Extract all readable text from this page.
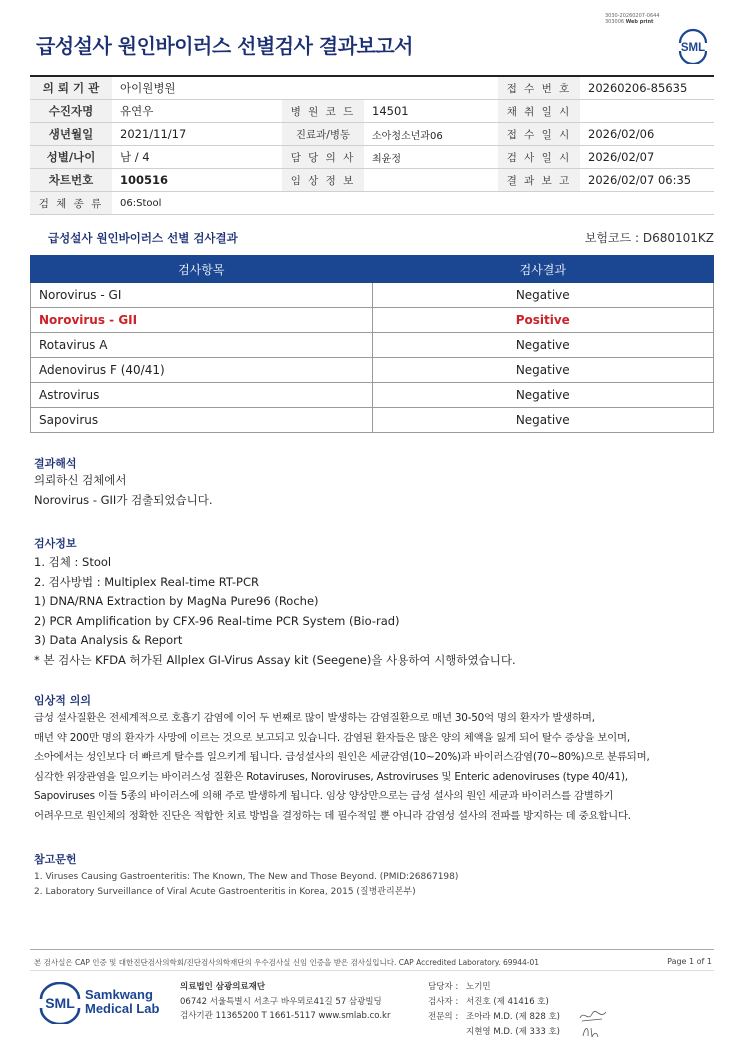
3030-20260207-0644
303006 Web print
급성설사 원인바이러스 선별검사 결과보고서	SML
의 뢰 기 관	아이원병원			접 수 번 호	20260206-85635
수진자명	유연우	병 원 코 드	14501	채 취 일 시	
생년월일	2021/11/17	진료과/병동	소아청소년과06	접 수 일 시	2026/02/06
성별/나이	남 / 4	담 당 의 사	최윤정	검 사 일 시	2026/02/07
차트번호	100516	임 상 정 보		결 과 보 고	2026/02/07 06:35
검 체 종 류	06:Stool				
급성설사 원인바이러스 선별 검사결과	보험코드 : D680101KZ
검사항목	검사결과
Norovirus - GI	Negative
Norovirus - GII	Positive
Rotavirus A	Negative
Adenovirus F (40/41)	Negative
Astrovirus	Negative
Sapovirus	Negative
결과해석
의뢰하신 검체에서
Norovirus - GII가 검출되었습니다.
검사정보
1. 검체 : Stool
2. 검사방법 : Multiplex Real-time RT-PCR
1) DNA/RNA Extraction by MagNa Pure96 (Roche)
2) PCR Amplification by CFX-96 Real-time PCR System (Bio-rad)
3) Data Analysis & Report
* 본 검사는 KFDA 허가된 Allplex GI-Virus Assay kit (Seegene)을 사용하여 시행하였습니다.
임상적 의의
급성 설사질환은 전세계적으로 호흡기 감염에 이어 두 번째로 많이 발생하는 감염질환으로 매년 30-50억 명의 환자가 발생하며,
매년 약 200만 명의 환자가 사망에 이르는 것으로 보고되고 있습니다. 감염된 환자들은 많은 양의 체액을 잃게 되어 탈수 증상을 보이며,
소아에서는 성인보다 더 빠르게 탈수를 일으키게 됩니다. 급성설사의 원인은 세균감염(10~20%)과 바이러스감염(70~80%)으로 분류되며,
심각한 위장관염을 일으키는 바이러스성 질환은 Rotaviruses, Noroviruses, Astroviruses 및 Enteric adenoviruses (type 40/41),
Sapoviruses 이들 5종의 바이러스에 의해 주로 발생하게 됩니다. 임상 양상만으로는 급성 설사의 원인 세균과 바이러스를 감별하기
어려우므로 원인체의 정확한 진단은 적합한 치료 방법을 결정하는 데 필수적일 뿐 아니라 감염성 설사의 전파를 방지하는 데 중요합니다.
참고문헌
1. Viruses Causing Gastroenteritis: The Known, The New and Those Beyond. (PMID:26867198)
2. Laboratory Surveillance of Viral Acute Gastroenteritis in Korea, 2015 (질병관리본부)
본 검사실은 CAP 인증 및 대한진단검사의학회/진단검사의학재단의 우수검사실 신임 인증을 받은 검사실입니다. CAP Accredited Laboratory. 69944-01	Page 1 of 1
SML
Samkwang
Medical Lab
의료법인 삼광의료재단
06742 서울특별시 서초구 바우뫼로41길 57 삼광빌딩
검사기관 11365200 T 1661-5117 www.smlab.co.kr
담당자 : 노기민
검사자 : 서진호 (제 41416 호)
전문의 : 조아라 M.D. (제 828 호)
지현영 M.D. (제 333 호)
